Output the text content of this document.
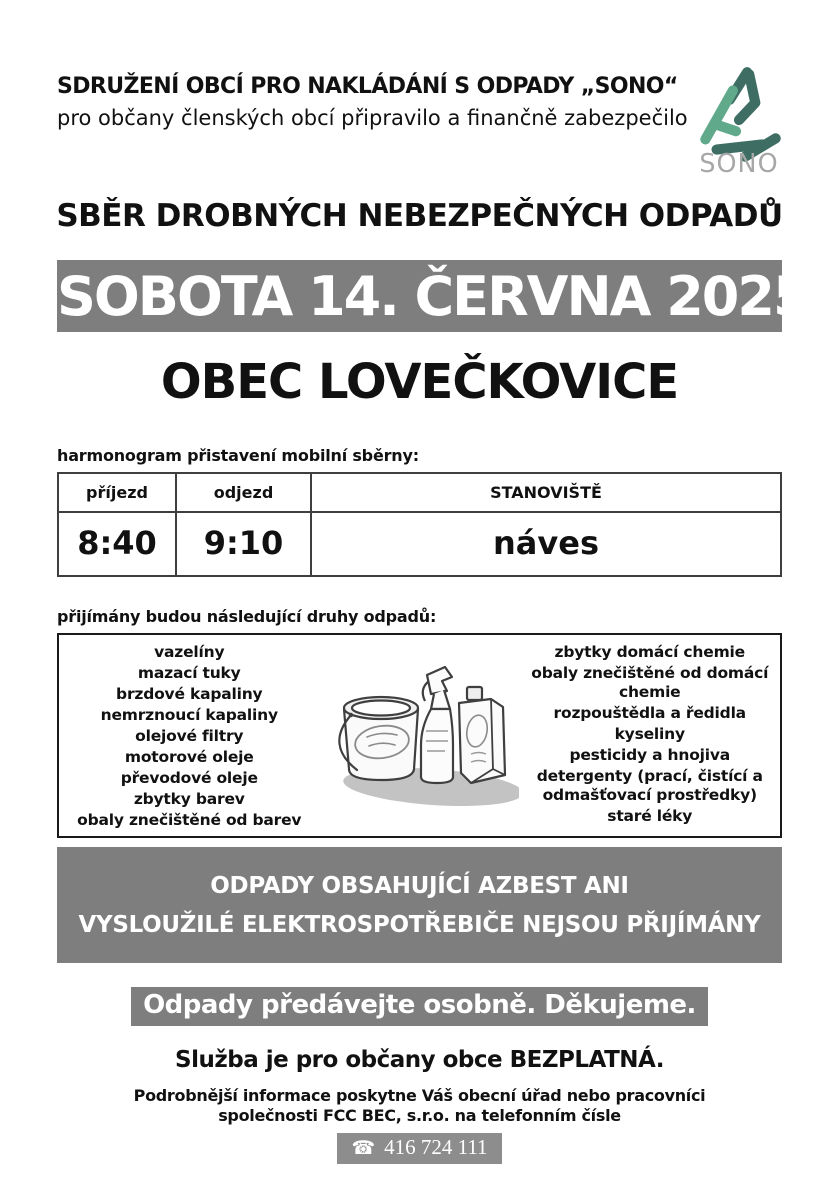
SDRUŽENÍ OBCÍ PRO NAKLÁDÁNÍ S ODPADY „SONO“
pro občany členských obcí připravilo a finančně zabezpečilo
SONO
SBĚR DROBNÝCH NEBEZPEČNÝCH ODPADŮ
SOBOTA 14. ČERVNA 2025
OBEC LOVEČKOVICE
harmonogram přistavení mobilní sběrny:
příjezd	odjezd	STANOVIŠTĚ
8:40	9:10	náves
přijímány budou následující druhy odpadů:
vazelíny
mazací tuky
brzdové kapaliny
nemrznoucí kapaliny
olejové filtry
motorové oleje
převodové oleje
zbytky barev
obaly znečištěné od barev
zbytky domácí chemie
obaly znečištěné od domácí chemie
rozpouštědla a ředidla
kyseliny
pesticidy a hnojiva
detergenty (prací, čistící a odmašťovací prostředky)
staré léky
ODPADY OBSAHUJÍCÍ AZBEST ANI
VYSLOUŽILÉ ELEKTROSPOTŘEBIČE NEJSOU PŘIJÍMÁNY
Odpady předávejte osobně. Děkujeme.
Služba je pro občany obce BEZPLATNÁ.
Podrobnější informace poskytne Váš obecní úřad nebo pracovníci
společnosti FCC BEC, s.r.o. na telefonním čísle
☎ 416 724 111
